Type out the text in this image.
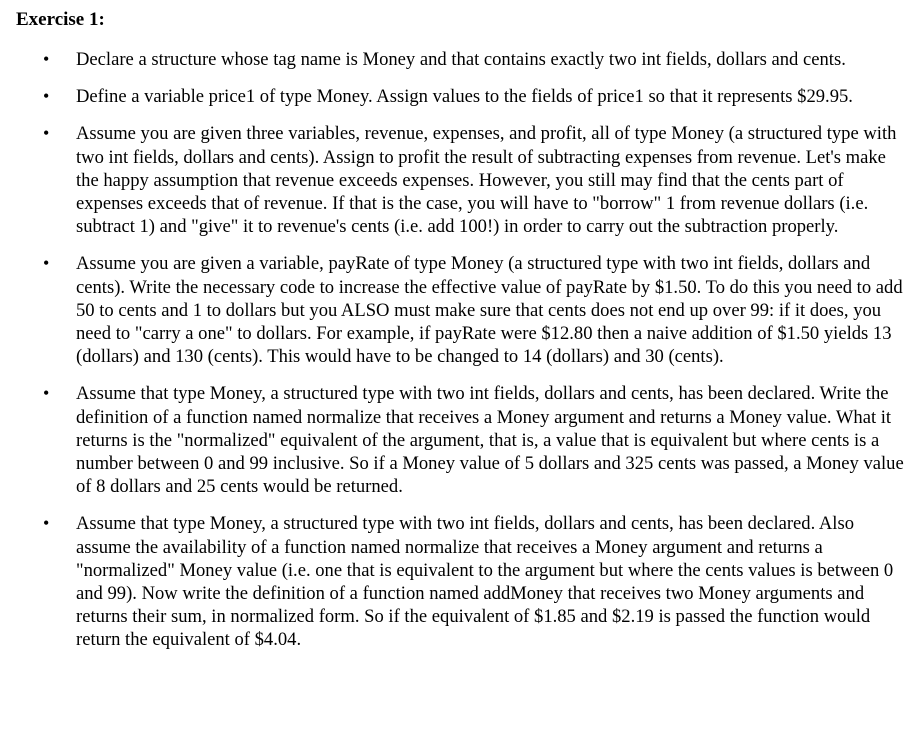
Exercise 1:
• Declare a structure whose tag name is Money and that contains exactly two int fields, dollars and cents.
• Define a variable price1 of type Money. Assign values to the fields of price1 so that it represents $29.95.
• Assume you are given three variables, revenue, expenses, and profit, all of type Money (a structured type with two int fields, dollars and cents). Assign to profit the result of subtracting expenses from revenue. Let's make the happy assumption that revenue exceeds expenses. However, you still may find that the cents part of expenses exceeds that of revenue. If that is the case, you will have to "borrow" 1 from revenue dollars (i.e. subtract 1) and "give" it to revenue's cents (i.e. add 100!) in order to carry out the subtraction properly.
• Assume you are given a variable, payRate of type Money (a structured type with two int fields, dollars and cents). Write the necessary code to increase the effective value of payRate by $1.50. To do this you need to add 50 to cents and 1 to dollars but you ALSO must make sure that cents does not end up over 99: if it does, you need to "carry a one" to dollars. For example, if payRate were $12.80 then a naive addition of $1.50 yields 13 (dollars) and 130 (cents). This would have to be changed to 14 (dollars) and 30 (cents).
• Assume that type Money, a structured type with two int fields, dollars and cents, has been declared. Write the definition of a function named normalize that receives a Money argument and returns a Money value. What it returns is the "normalized" equivalent of the argument, that is, a value that is equivalent but where cents is a number between 0 and 99 inclusive. So if a Money value of 5 dollars and 325 cents was passed, a Money value of 8 dollars and 25 cents would be returned.
• Assume that type Money, a structured type with two int fields, dollars and cents, has been declared. Also assume the availability of a function named normalize that receives a Money argument and returns a "normalized" Money value (i.e. one that is equivalent to the argument but where the cents values is between 0 and 99). Now write the definition of a function named addMoney that receives two Money arguments and returns their sum, in normalized form. So if the equivalent of $1.85 and $2.19 is passed the function would return the equivalent of $4.04.
